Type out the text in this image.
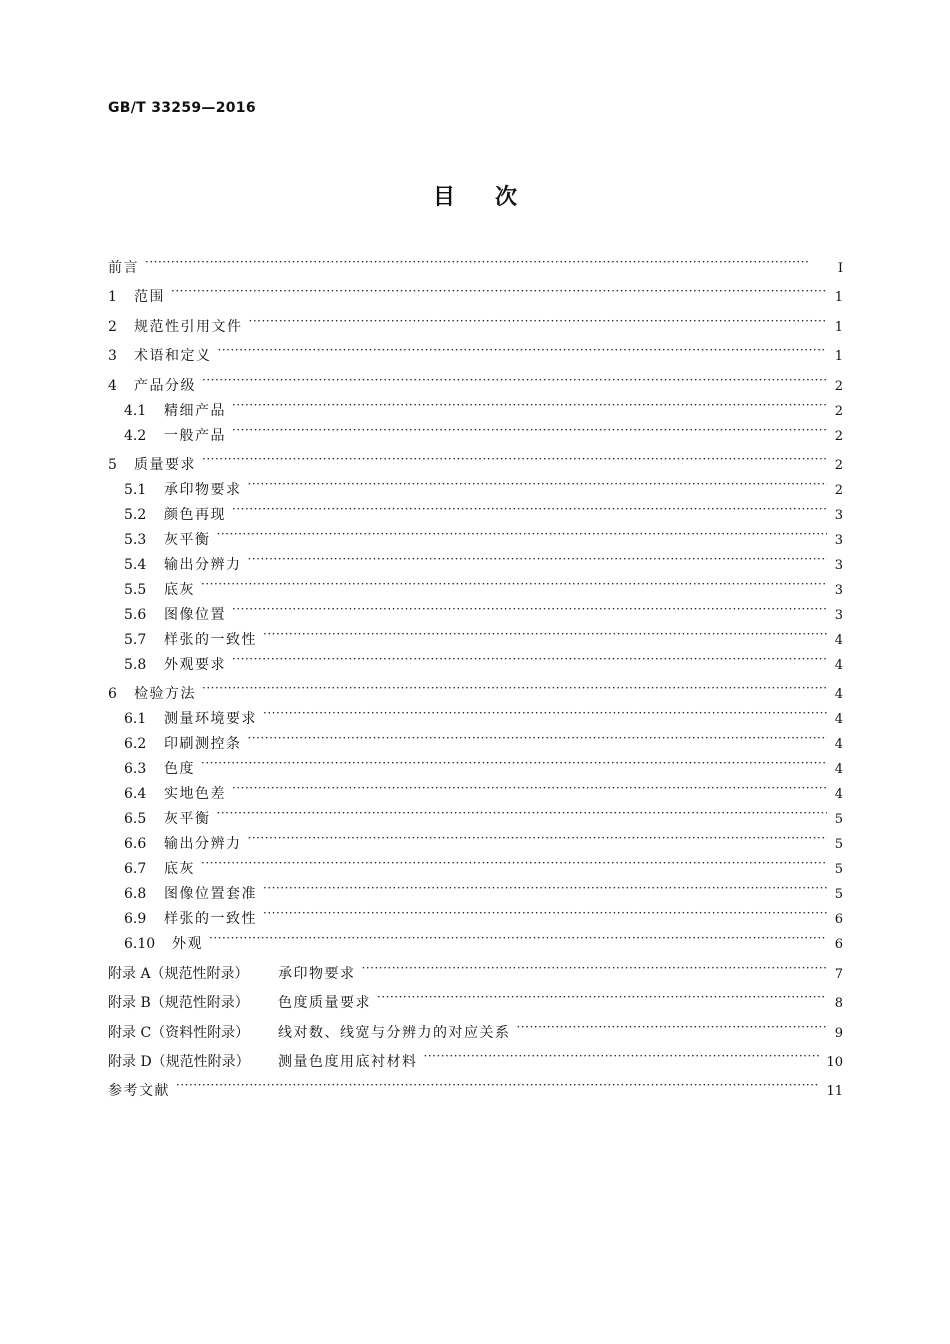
GB/T 33259—2016
目次
前言 ·····	Ⅰ
1	范围 ·····	1
2	规范性引用文件 ·····	1
3	术语和定义 ·····	1
4	产品分级 ·····	2
4.1	精细产品 ·····	2
4.2	一般产品 ·····	2
5	质量要求 ·····	2
5.1	承印物要求 ·····	2
5.2	颜色再现 ·····	3
5.3	灰平衡 ·····	3
5.4	输出分辨力 ·····	3
5.5	底灰 ·····	3
5.6	图像位置 ·····	3
5.7	样张的一致性 ·····	4
5.8	外观要求 ·····	4
6	检验方法 ·····	4
6.1	测量环境要求 ·····	4
6.2	印刷测控条 ·····	4
6.3	色度 ·····	4
6.4	实地色差 ·····	4
6.5	灰平衡 ·····	5
6.6	输出分辨力 ·····	5
6.7	底灰 ·····	5
6.8	图像位置套准 ·····	5
6.9	样张的一致性 ·····	6
6.10	外观 ·····	6
附录 A（规范性附录）	承印物要求 ·····	7
附录 B（规范性附录）	色度质量要求 ·····	8
附录 C（资料性附录）	线对数、线宽与分辨力的对应关系 ·····	9
附录 D（规范性附录）	测量色度用底衬材料 ·····	10
参考文献 ·····	11
